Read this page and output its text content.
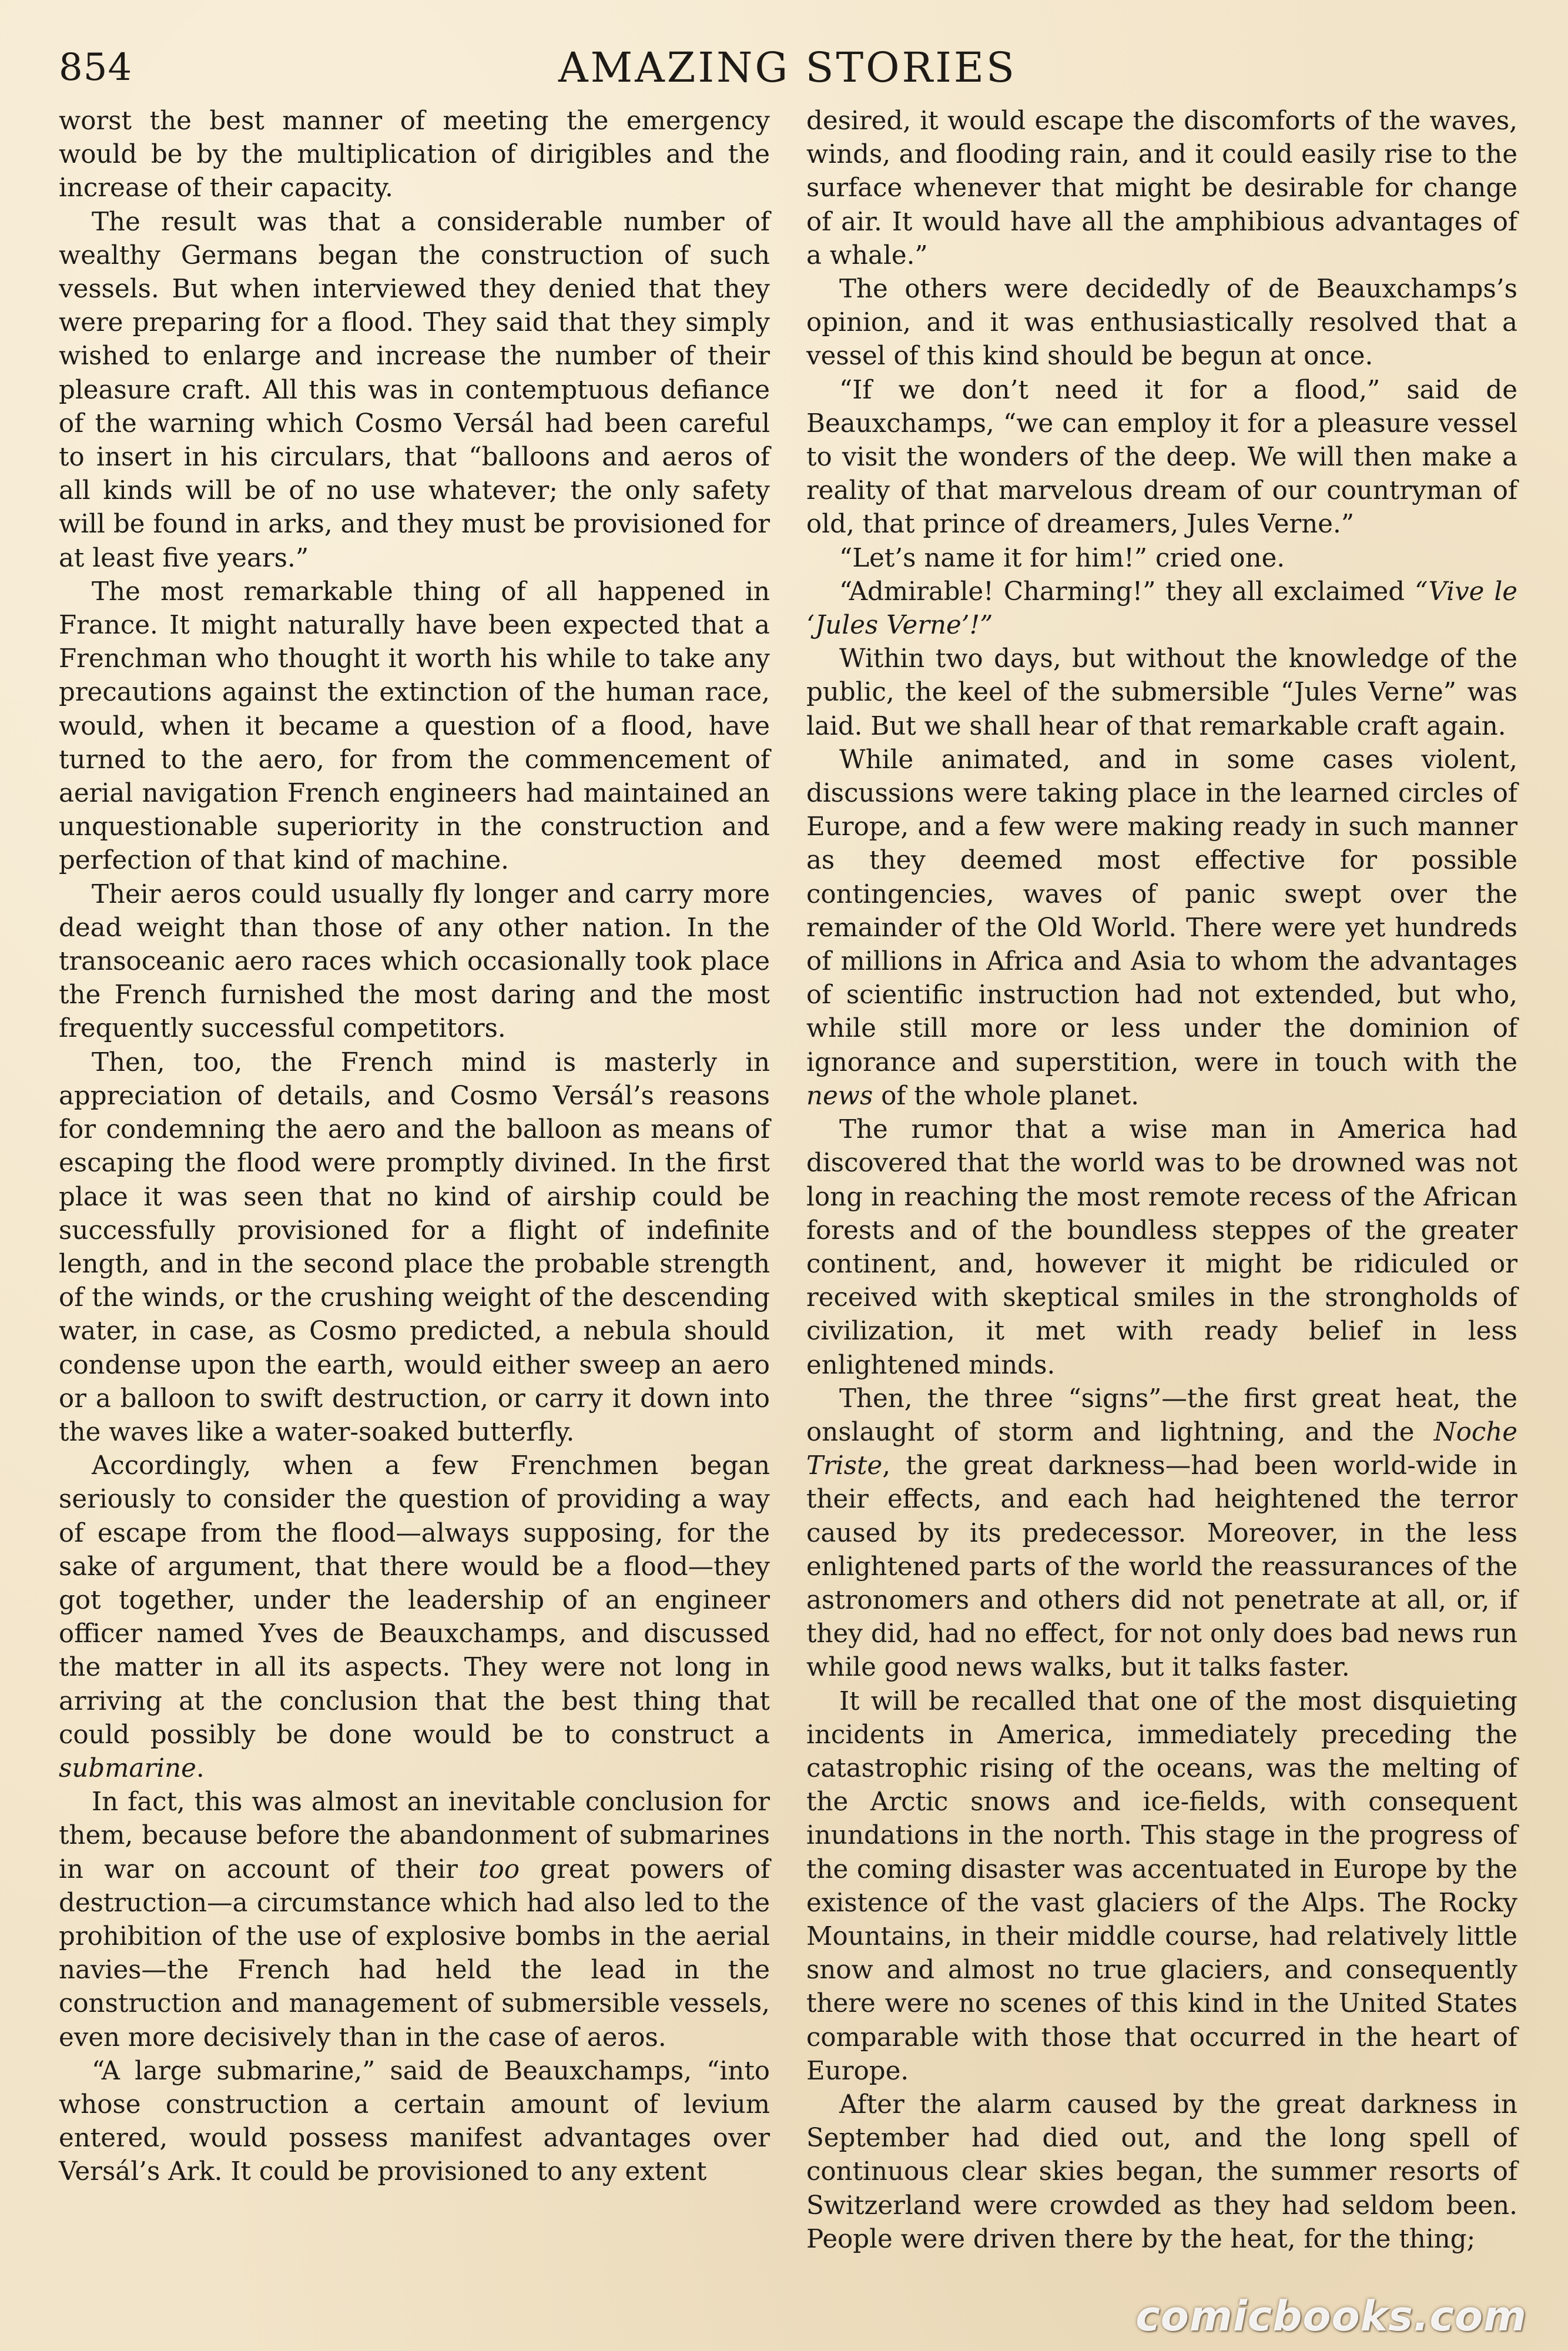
854	AMAZING STORIES

worst the best manner of meeting the emergency would be by the multiplication of dirigibles and the increase of their capacity.

The result was that a considerable number of wealthy Germans began the construction of such vessels. But when interviewed they denied that they were preparing for a flood. They said that they simply wished to enlarge and increase the number of their pleasure craft. All this was in contemptuous defiance of the warning which Cosmo Versál had been careful to insert in his circulars, that “balloons and aeros of all kinds will be of no use whatever; the only safety will be found in arks, and they must be provisioned for at least five years.”

The most remarkable thing of all happened in France. It might naturally have been expected that a Frenchman who thought it worth his while to take any precautions against the extinction of the human race, would, when it became a question of a flood, have turned to the aero, for from the commencement of aerial navigation French engineers had maintained an unquestionable superiority in the construction and perfection of that kind of machine.

Their aeros could usually fly longer and carry more dead weight than those of any other nation. In the transoceanic aero races which occasionally took place the French furnished the most daring and the most frequently successful competitors.

Then, too, the French mind is masterly in appreciation of details, and Cosmo Versál’s reasons for condemning the aero and the balloon as means of escaping the flood were promptly divined. In the first place it was seen that no kind of airship could be successfully provisioned for a flight of indefinite length, and in the second place the probable strength of the winds, or the crushing weight of the descending water, in case, as Cosmo predicted, a nebula should condense upon the earth, would either sweep an aero or a balloon to swift destruction, or carry it down into the waves like a water-soaked butterfly.

Accordingly, when a few Frenchmen began seriously to consider the question of providing a way of escape from the flood—always supposing, for the sake of argument, that there would be a flood—they got together, under the leadership of an engineer officer named Yves de Beauxchamps, and discussed the matter in all its aspects. They were not long in arriving at the conclusion that the best thing that could possibly be done would be to construct a submarine.

In fact, this was almost an inevitable conclusion for them, because before the abandonment of submarines in war on account of their too great powers of destruction—a circumstance which had also led to the prohibition of the use of explosive bombs in the aerial navies—the French had held the lead in the construction and management of submersible vessels, even more decisively than in the case of aeros.

“A large submarine,” said de Beauxchamps, “into whose construction a certain amount of levium entered, would possess manifest advantages over Versál’s Ark. It could be provisioned to any extent

desired, it would escape the discomforts of the waves, winds, and flooding rain, and it could easily rise to the surface whenever that might be desirable for change of air. It would have all the amphibious advantages of a whale.”

The others were decidedly of de Beauxchamps’s opinion, and it was enthusiastically resolved that a vessel of this kind should be begun at once.

“If we don’t need it for a flood,” said de Beauxchamps, “we can employ it for a pleasure vessel to visit the wonders of the deep. We will then make a reality of that marvelous dream of our countryman of old, that prince of dreamers, Jules Verne.”

“Let’s name it for him!” cried one.

“Admirable! Charming!” they all exclaimed “Vive le ‘Jules Verne’!”

Within two days, but without the knowledge of the public, the keel of the submersible “Jules Verne” was laid. But we shall hear of that remarkable craft again.

While animated, and in some cases violent, discussions were taking place in the learned circles of Europe, and a few were making ready in such manner as they deemed most effective for possible contingencies, waves of panic swept over the remainder of the Old World. There were yet hundreds of millions in Africa and Asia to whom the advantages of scientific instruction had not extended, but who, while still more or less under the dominion of ignorance and superstition, were in touch with the news of the whole planet.

The rumor that a wise man in America had discovered that the world was to be drowned was not long in reaching the most remote recess of the African forests and of the boundless steppes of the greater continent, and, however it might be ridiculed or received with skeptical smiles in the strongholds of civilization, it met with ready belief in less enlightened minds.

Then, the three “signs”—the first great heat, the onslaught of storm and lightning, and the Noche Triste, the great darkness—had been world-wide in their effects, and each had heightened the terror caused by its predecessor. Moreover, in the less enlightened parts of the world the reassurances of the astronomers and others did not penetrate at all, or, if they did, had no effect, for not only does bad news run while good news walks, but it talks faster.

It will be recalled that one of the most disquieting incidents in America, immediately preceding the catastrophic rising of the oceans, was the melting of the Arctic snows and ice-fields, with consequent inundations in the north. This stage in the progress of the coming disaster was accentuated in Europe by the existence of the vast glaciers of the Alps. The Rocky Mountains, in their middle course, had relatively little snow and almost no true glaciers, and consequently there were no scenes of this kind in the United States comparable with those that occurred in the heart of Europe.

After the alarm caused by the great darkness in September had died out, and the long spell of continuous clear skies began, the summer resorts of Switzerland were crowded as they had seldom been. People were driven there by the heat, for the thing;

comicbooks.com
